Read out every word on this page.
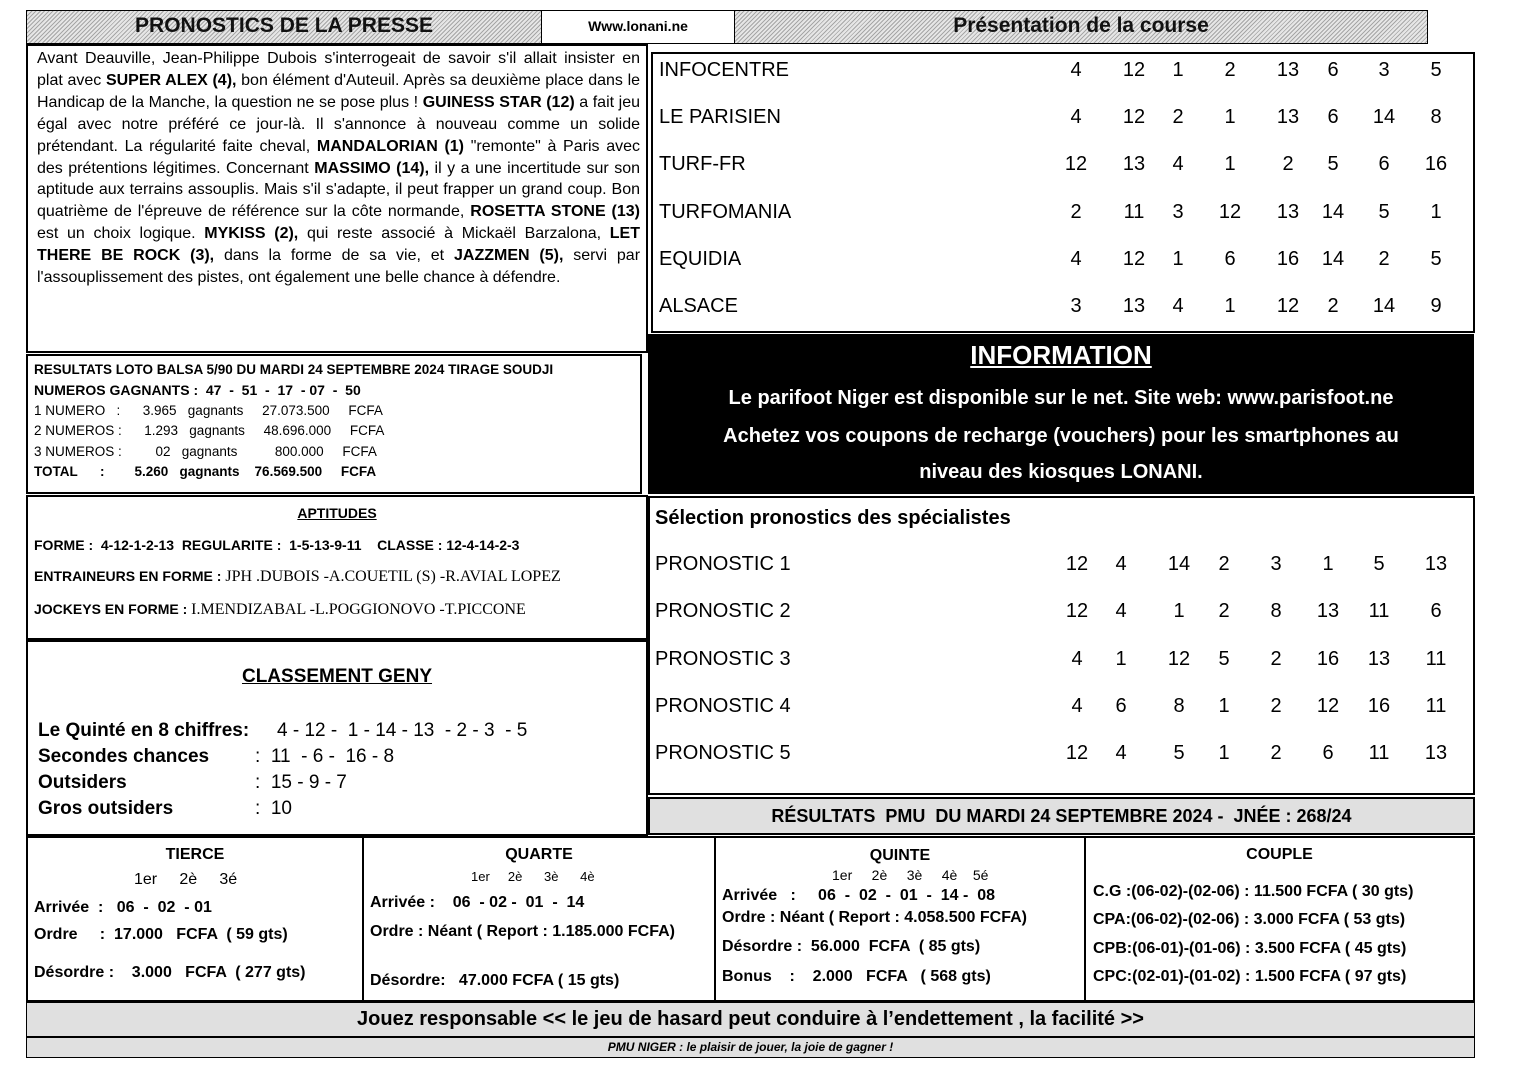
PRONOSTICS DE LA PRESSE	Www.lonani.ne	Présentation de la course
Avant Deauville, Jean-Philippe Dubois s'interrogeait de savoir s'il allait insister en plat avec SUPER ALEX (4), bon élément d'Auteuil. Après sa deuxième place dans le Handicap de la Manche, la question ne se pose plus ! GUINESS STAR (12) a fait jeu égal avec notre préféré ce jour-là. Il s'annonce à nouveau comme un solide prétendant. La régularité faite cheval, MANDALORIAN (1) "remonte" à Paris avec des prétentions légitimes. Concernant MASSIMO (14), il y a une incertitude sur son aptitude aux terrains assouplis. Mais s'il s'adapte, il peut frapper un grand coup. Bon quatrième de l'épreuve de référence sur la côte normande, ROSETTA STONE (13) est un choix logique. MYKISS (2), qui reste associé à Mickaël Barzalona, LET THERE BE ROCK (3), dans la forme de sa vie, et JAZZMEN (5), servi par l'assouplissement des pistes, ont également une belle chance à défendre.
INFOCENTRE	4	12	1	2	13	6	3	5
LE PARISIEN	4	12	2	1	13	6	14	8
TURF-FR	12	13	4	1	2	5	6	16
TURFOMANIA	2	11	3	12	13	14	5	1
EQUIDIA	4	12	1	6	16	14	2	5
ALSACE	3	13	4	1	12	2	14	9
RESULTATS LOTO BALSA 5/90 DU MARDI 24 SEPTEMBRE 2024 TIRAGE SOUDJI
NUMEROS GAGNANTS :  47  -  51  -  17  - 07  -  50
1 NUMERO   :      3.965   gagnants     27.073.500     FCFA
2 NUMEROS :      1.293   gagnants     48.696.000     FCFA
3 NUMEROS :         02   gagnants          800.000     FCFA
TOTAL      :        5.260   gagnants    76.569.500     FCFA
INFORMATION
Le parifoot Niger est disponible sur le net. Site web: www.parisfoot.ne
Achetez vos coupons de recharge (vouchers) pour les smartphones au
niveau des kiosques LONANI.
APTITUDES
FORME :  4-12-1-2-13  REGULARITE :  1-5-13-9-11    CLASSE : 12-4-14-2-3
ENTRAINEURS EN FORME : JPH .DUBOIS -A.COUETIL (S) -R.AVIAL LOPEZ
JOCKEYS EN FORME : I.MENDIZABAL -L.POGGIONOVO -T.PICCONE
Sélection pronostics des spécialistes
PRONOSTIC 1	12	4	14	2	3	1	5	13
PRONOSTIC 2	12	4	1	2	8	13	11	6
PRONOSTIC 3	4	1	12	5	2	16	13	11
PRONOSTIC 4	4	6	8	1	2	12	16	11
PRONOSTIC 5	12	4	5	1	2	6	11	13
CLASSEMENT GENY
Le Quinté en 8 chiffres: 4 - 12 -  1 - 14 - 13  - 2 - 3  - 5
Secondes chances :  11  - 6 -  16 - 8
Outsiders	:  15 - 9 - 7
Gros outsiders	:  10	RÉSULTATS  PMU  DU MARDI 24 SEPTEMBRE 2024 -  JNÉE : 268/24
TIERCE
1er     2è     3é
Arrivée  :   06  -  02  - 01
Ordre     :  17.000   FCFA  ( 59 gts)
Désordre :    3.000   FCFA  ( 277 gts)
QUARTE
1er     2è      3è      4è
Arrivée :    06  - 02 -  01  -  14
Ordre : Néant ( Report : 1.185.000 FCFA)
Désordre:   47.000 FCFA ( 15 gts)
QUINTE
1er     2è     3è     4è    5é
Arrivée   :     06  -  02  -  01  -  14 -  08
Ordre : Néant ( Report : 4.058.500 FCFA)
Désordre :  56.000  FCFA  ( 85 gts)
Bonus    :    2.000   FCFA   ( 568 gts)
COUPLE
C.G :(06-02)-(02-06) : 11.500 FCFA ( 30 gts)
CPA:(06-02)-(02-06) : 3.000 FCFA ( 53 gts)
CPB:(06-01)-(01-06) : 3.500 FCFA ( 45 gts)
CPC:(02-01)-(01-02) : 1.500 FCFA ( 97 gts)
Jouez responsable << le jeu de hasard peut conduire à l’endettement , la facilité >>
PMU NIGER : le plaisir de jouer, la joie de gagner !
